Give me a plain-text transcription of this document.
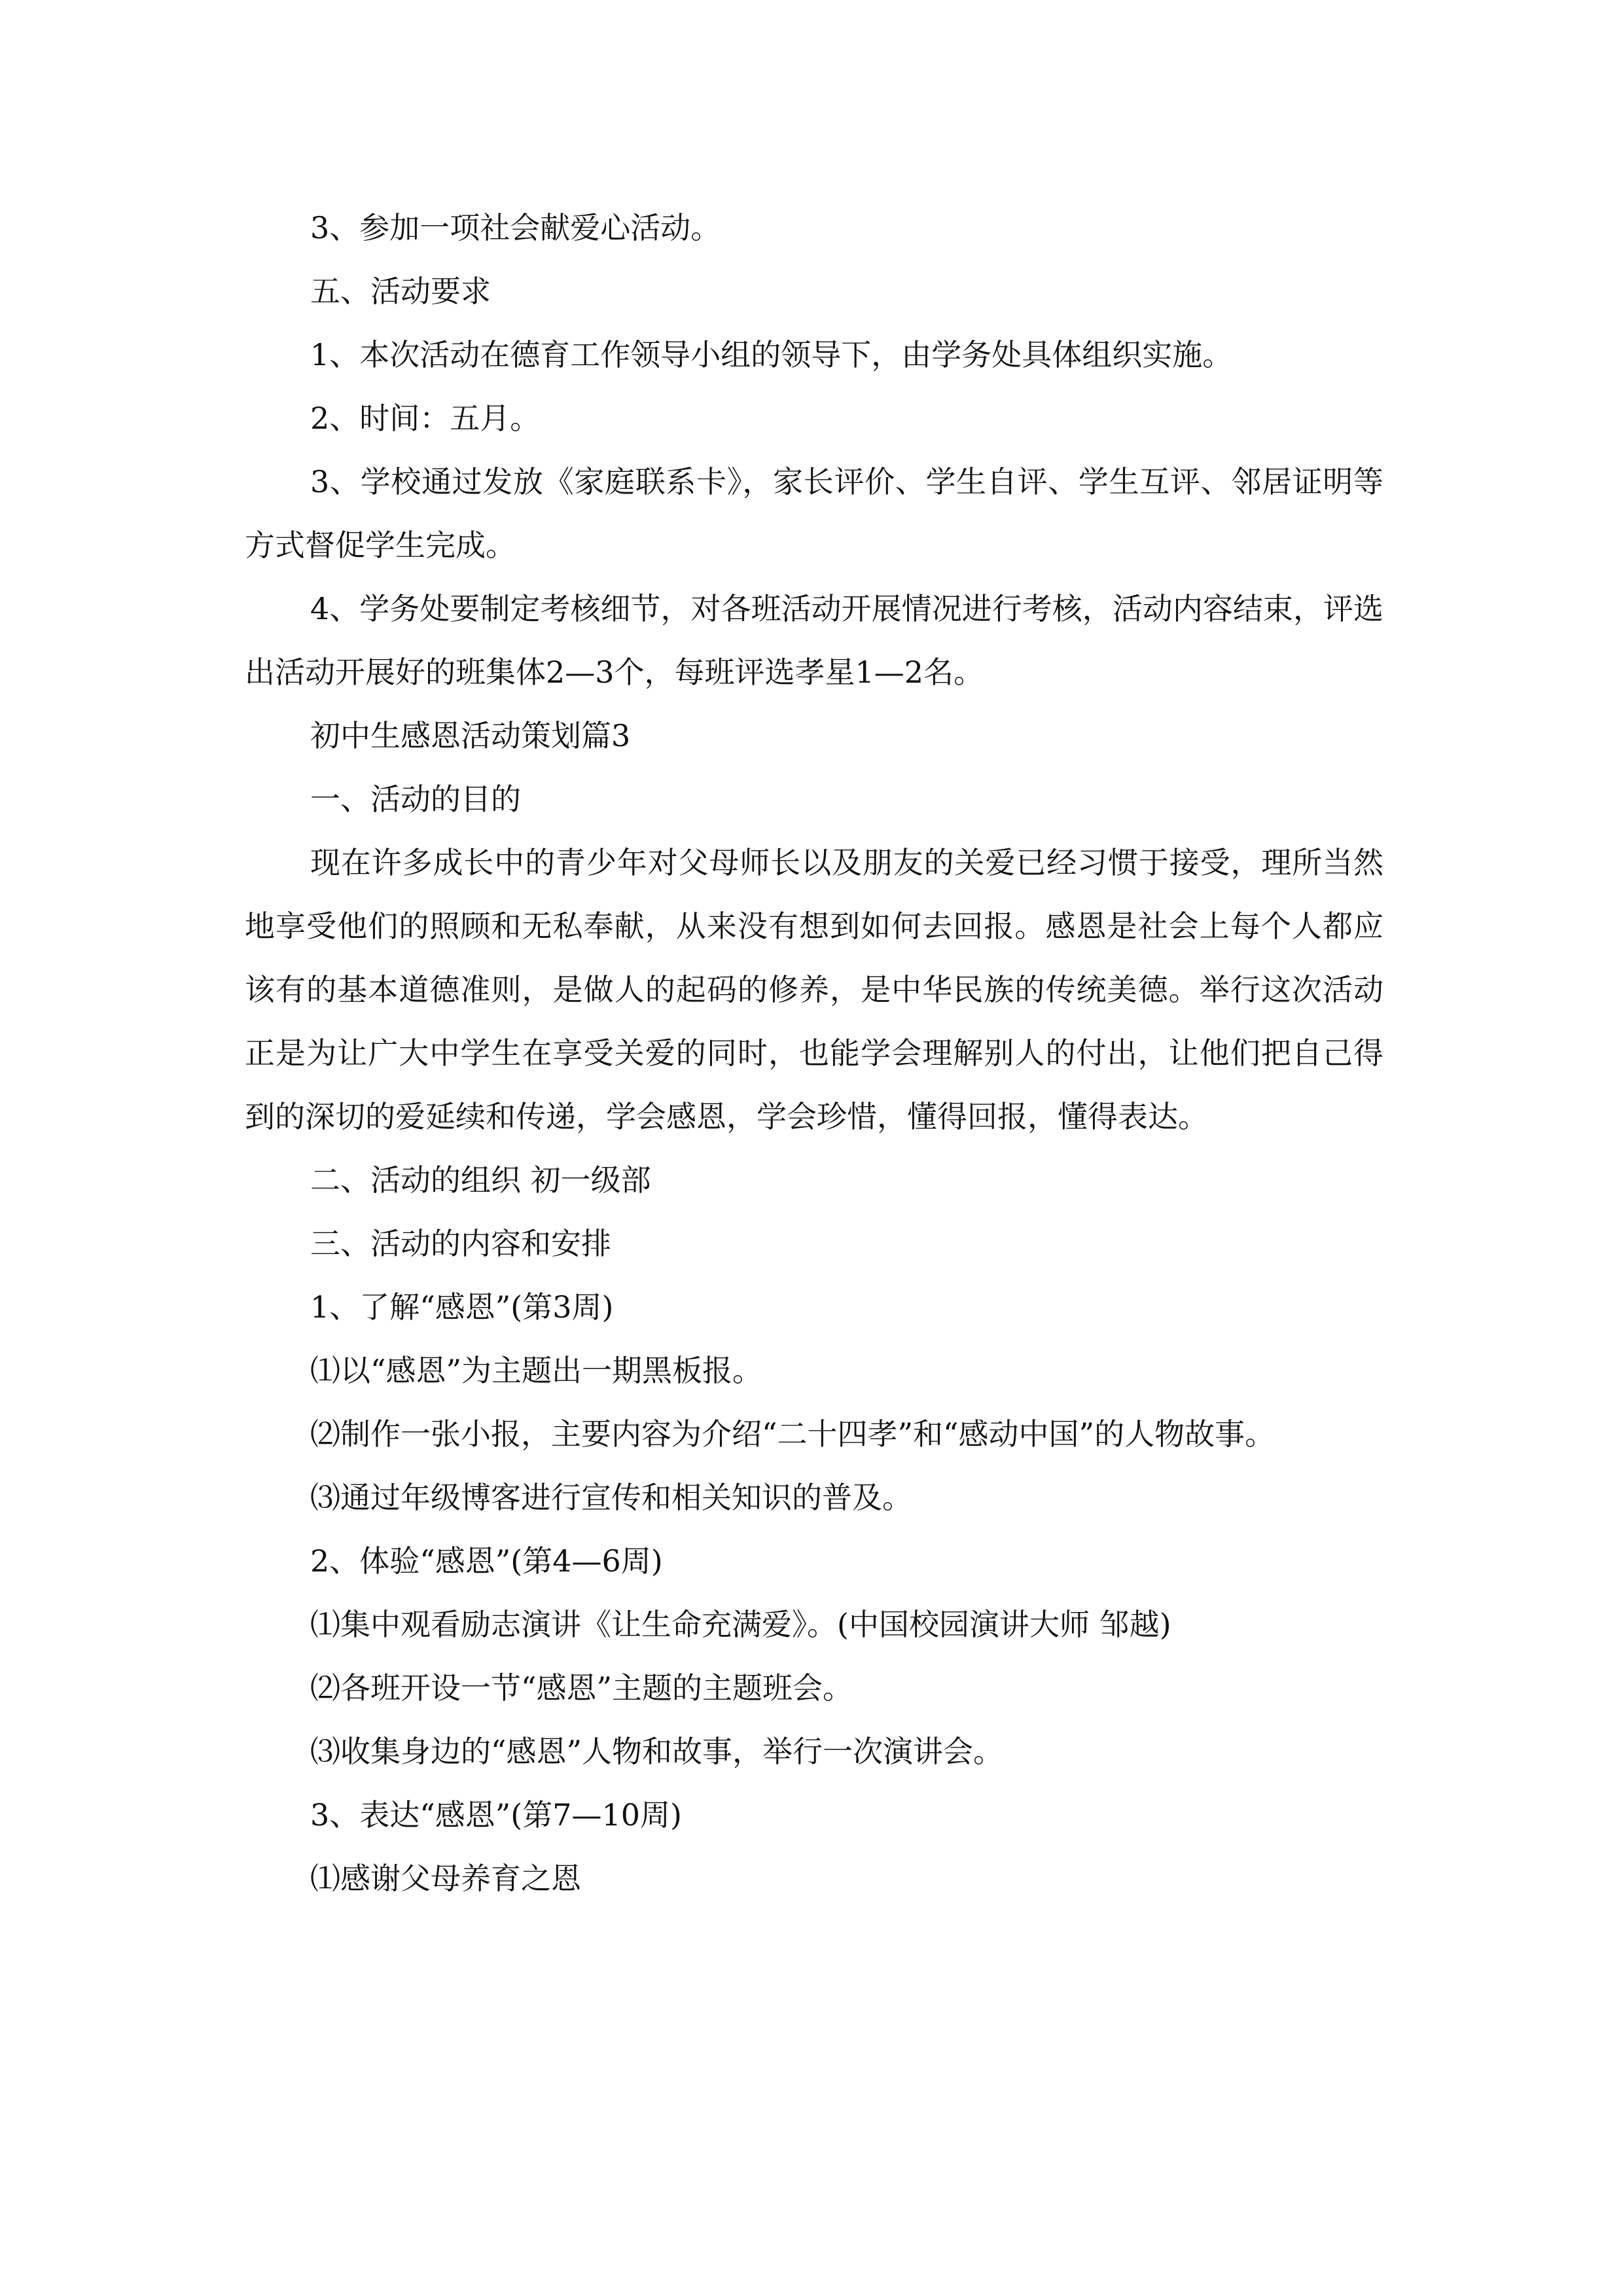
3、参加一项社会献爱心活动。

五、活动要求

1、本次活动在德育工作领导小组的领导下，由学务处具体组织实施。

2、时间：五月。

3、学校通过发放《家庭联系卡》，家长评价、学生自评、学生互评、邻居证明等方式督促学生完成。

4、学务处要制定考核细节，对各班活动开展情况进行考核，活动内容结束，评选出活动开展好的班集体2—3个，每班评选孝星1—2名。

初中生感恩活动策划篇3

一、活动的目的

现在许多成长中的青少年对父母师长以及朋友的关爱已经习惯于接受，理所当然地享受他们的照顾和无私奉献，从来没有想到如何去回报。感恩是社会上每个人都应该有的基本道德准则，是做人的起码的修养，是中华民族的传统美德。举行这次活动正是为让广大中学生在享受关爱的同时，也能学会理解别人的付出，让他们把自己得到的深切的爱延续和传递，学会感恩，学会珍惜，懂得回报，懂得表达。

二、活动的组织 初一级部

三、活动的内容和安排

1、了解“感恩”(第3周)

⑴以“感恩”为主题出一期黑板报。

⑵制作一张小报，主要内容为介绍“二十四孝”和“感动中国”的人物故事。

⑶通过年级博客进行宣传和相关知识的普及。

2、体验“感恩”(第4—6周)

⑴集中观看励志演讲《让生命充满爱》。(中国校园演讲大师 邹越)

⑵各班开设一节“感恩”主题的主题班会。

⑶收集身边的“感恩”人物和故事，举行一次演讲会。

3、表达“感恩”(第7—10周)

⑴感谢父母养育之恩
